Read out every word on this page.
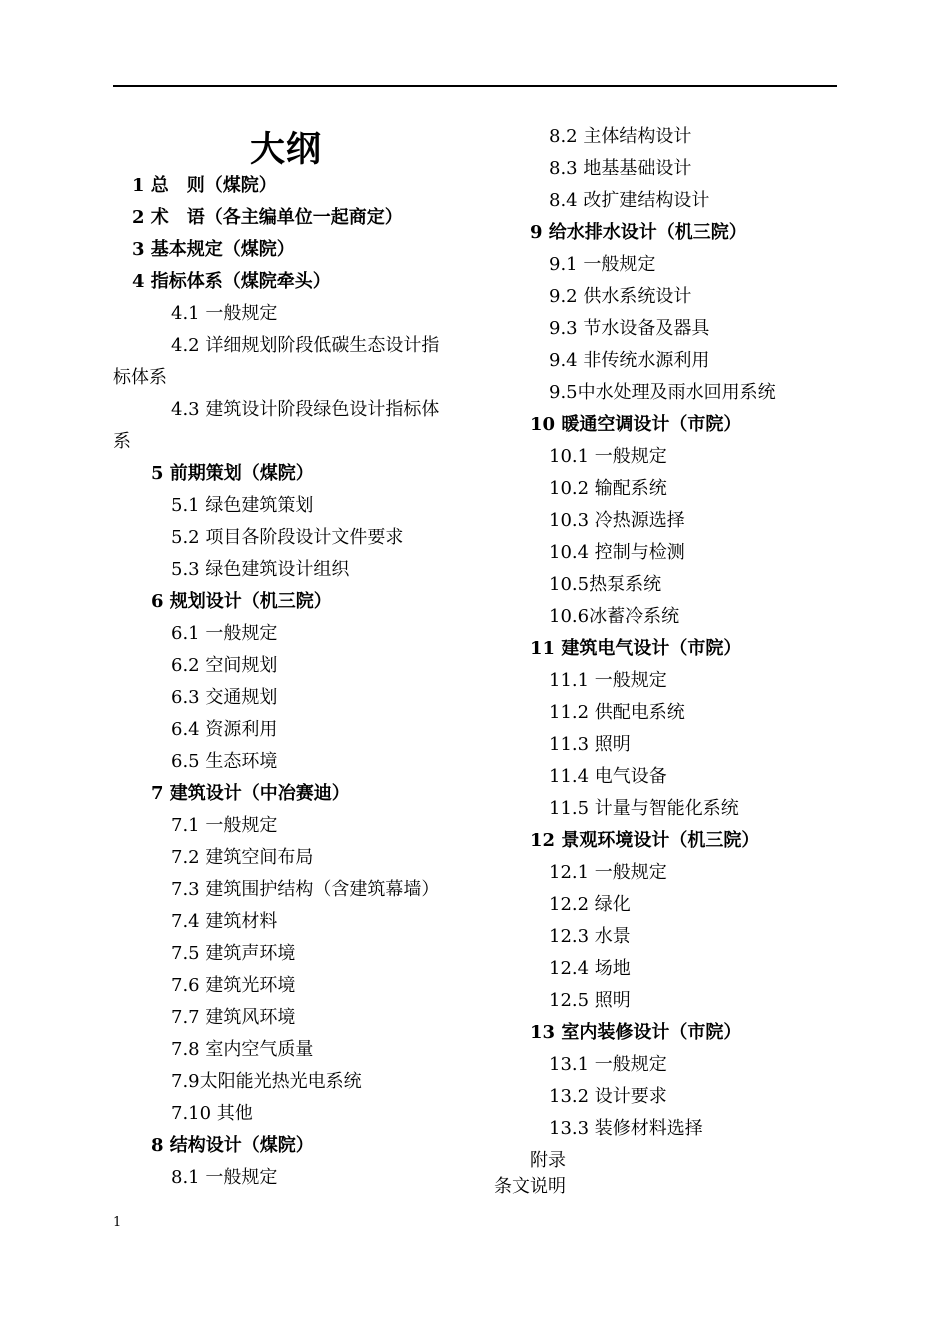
大纲
1 总　则（煤院）
2 术　语（各主编单位一起商定）
3 基本规定（煤院）
4 指标体系（煤院牵头）
4.1 一般规定
4.2 详细规划阶段低碳生态设计指
标体系
4.3 建筑设计阶段绿色设计指标体
系
5 前期策划（煤院）
5.1 绿色建筑策划
5.2 项目各阶段设计文件要求
5.3 绿色建筑设计组织
6 规划设计（机三院）
6.1 一般规定
6.2 空间规划
6.3 交通规划
6.4 资源利用
6.5 生态环境
7 建筑设计（中冶赛迪）
7.1 一般规定
7.2 建筑空间布局
7.3 建筑围护结构（含建筑幕墙）
7.4 建筑材料
7.5 建筑声环境
7.6 建筑光环境
7.7 建筑风环境
7.8 室内空气质量
7.9太阳能光热光电系统
7.10 其他
8 结构设计（煤院）
8.1 一般规定
8.2 主体结构设计
8.3 地基基础设计
8.4 改扩建结构设计
9 给水排水设计（机三院）
9.1 一般规定
9.2 供水系统设计
9.3 节水设备及器具
9.4 非传统水源利用
9.5中水处理及雨水回用系统
10 暖通空调设计（市院）
10.1 一般规定
10.2 输配系统
10.3 冷热源选择
10.4 控制与检测
10.5热泵系统
10.6冰蓄冷系统
11 建筑电气设计（市院）
11.1 一般规定
11.2 供配电系统
11.3 照明
11.4 电气设备
11.5 计量与智能化系统
12 景观环境设计（机三院）
12.1 一般规定
12.2 绿化
12.3 水景
12.4 场地
12.5 照明
13 室内装修设计（市院）
13.1 一般规定
13.2 设计要求
13.3 装修材料选择
附录
条文说明
1
